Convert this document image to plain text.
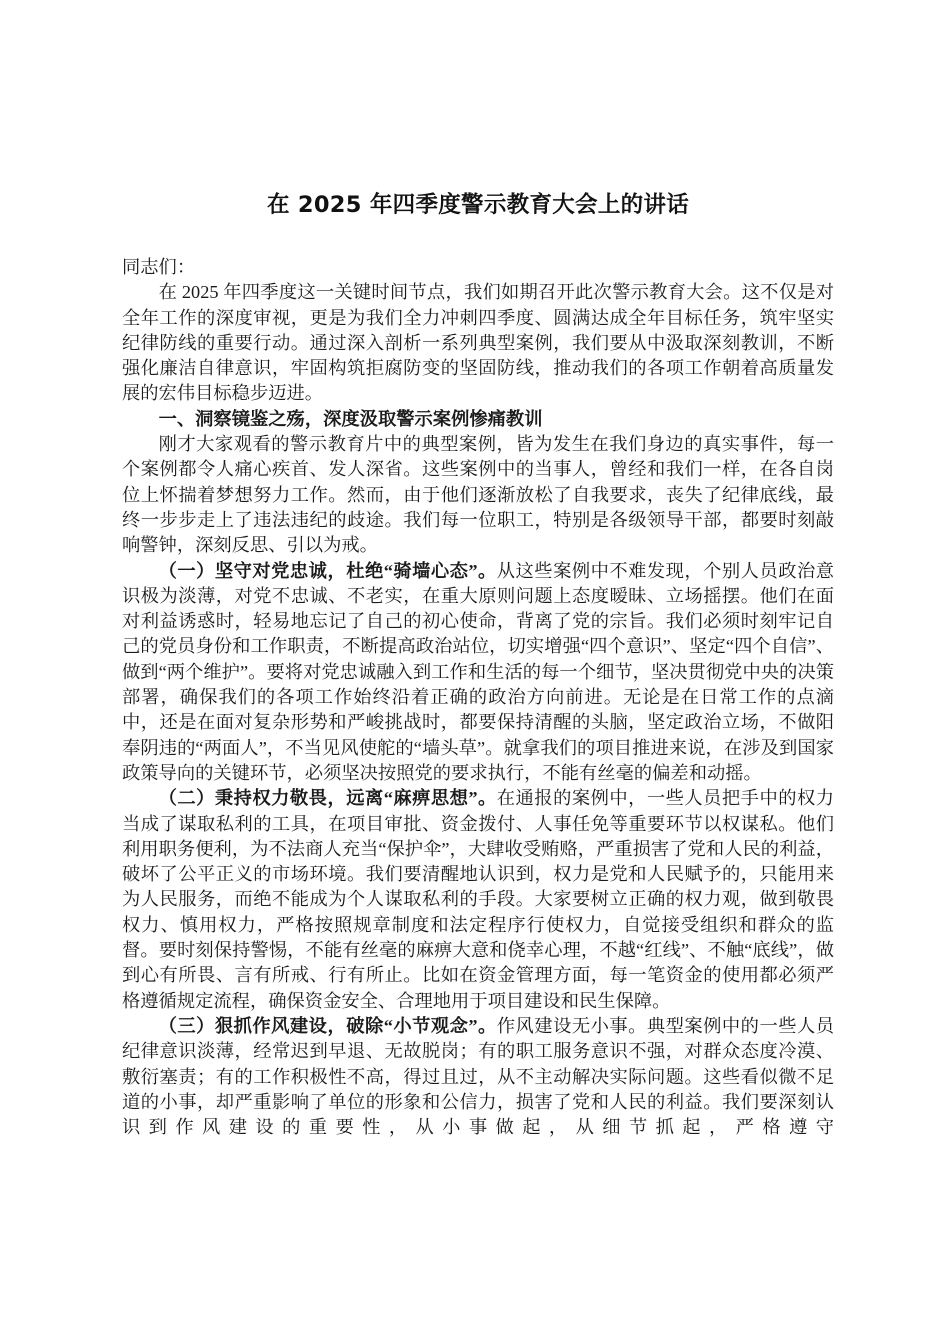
在 2025 年四季度警示教育大会上的讲话

同志们：

在 2025 年四季度这一关键时间节点，我们如期召开此次警示教育大会。这不仅是对全年工作的深度审视，更是为我们全力冲刺四季度、圆满达成全年目标任务，筑牢坚实纪律防线的重要行动。通过深入剖析一系列典型案例，我们要从中汲取深刻教训，不断强化廉洁自律意识，牢固构筑拒腐防变的坚固防线，推动我们的各项工作朝着高质量发展的宏伟目标稳步迈进。

一、洞察镜鉴之殇，深度汲取警示案例惨痛教训

刚才大家观看的警示教育片中的典型案例，皆为发生在我们身边的真实事件，每一个案例都令人痛心疾首、发人深省。这些案例中的当事人，曾经和我们一样，在各自岗位上怀揣着梦想努力工作。然而，由于他们逐渐放松了自我要求，丧失了纪律底线，最终一步步走上了违法违纪的歧途。我们每一位职工，特别是各级领导干部，都要时刻敲响警钟，深刻反思、引以为戒。

（一）坚守对党忠诚，杜绝“骑墙心态”。从这些案例中不难发现，个别人员政治意识极为淡薄，对党不忠诚、不老实，在重大原则问题上态度暧昧、立场摇摆。他们在面对利益诱惑时，轻易地忘记了自己的初心使命，背离了党的宗旨。我们必须时刻牢记自己的党员身份和工作职责，不断提高政治站位，切实增强“四个意识”、坚定“四个自信”、做到“两个维护”。要将对党忠诚融入到工作和生活的每一个细节，坚决贯彻党中央的决策部署，确保我们的各项工作始终沿着正确的政治方向前进。无论是在日常工作的点滴中，还是在面对复杂形势和严峻挑战时，都要保持清醒的头脑，坚定政治立场，不做阳奉阴违的“两面人”，不当见风使舵的“墙头草”。就拿我们的项目推进来说，在涉及到国家政策导向的关键环节，必须坚决按照党的要求执行，不能有丝毫的偏差和动摇。

（二）秉持权力敬畏，远离“麻痹思想”。在通报的案例中，一些人员把手中的权力当成了谋取私利的工具，在项目审批、资金拨付、人事任免等重要环节以权谋私。他们利用职务便利，为不法商人充当“保护伞”，大肆收受贿赂，严重损害了党和人民的利益，破坏了公平正义的市场环境。我们要清醒地认识到，权力是党和人民赋予的，只能用来为人民服务，而绝不能成为个人谋取私利的手段。大家要树立正确的权力观，做到敬畏权力、慎用权力，严格按照规章制度和法定程序行使权力，自觉接受组织和群众的监督。要时刻保持警惕，不能有丝毫的麻痹大意和侥幸心理，不越“红线”、不触“底线”，做到心有所畏、言有所戒、行有所止。比如在资金管理方面，每一笔资金的使用都必须严格遵循规定流程，确保资金安全、合理地用于项目建设和民生保障。

（三）狠抓作风建设，破除“小节观念”。作风建设无小事。典型案例中的一些人员纪律意识淡薄，经常迟到早退、无故脱岗；有的职工服务意识不强，对群众态度冷漠、敷衍塞责；有的工作积极性不高，得过且过，从不主动解决实际问题。这些看似微不足道的小事，却严重影响了单位的形象和公信力，损害了党和人民的利益。我们要深刻认识到作风建设的重要性，从小事做起，从细节抓起，严格遵守
